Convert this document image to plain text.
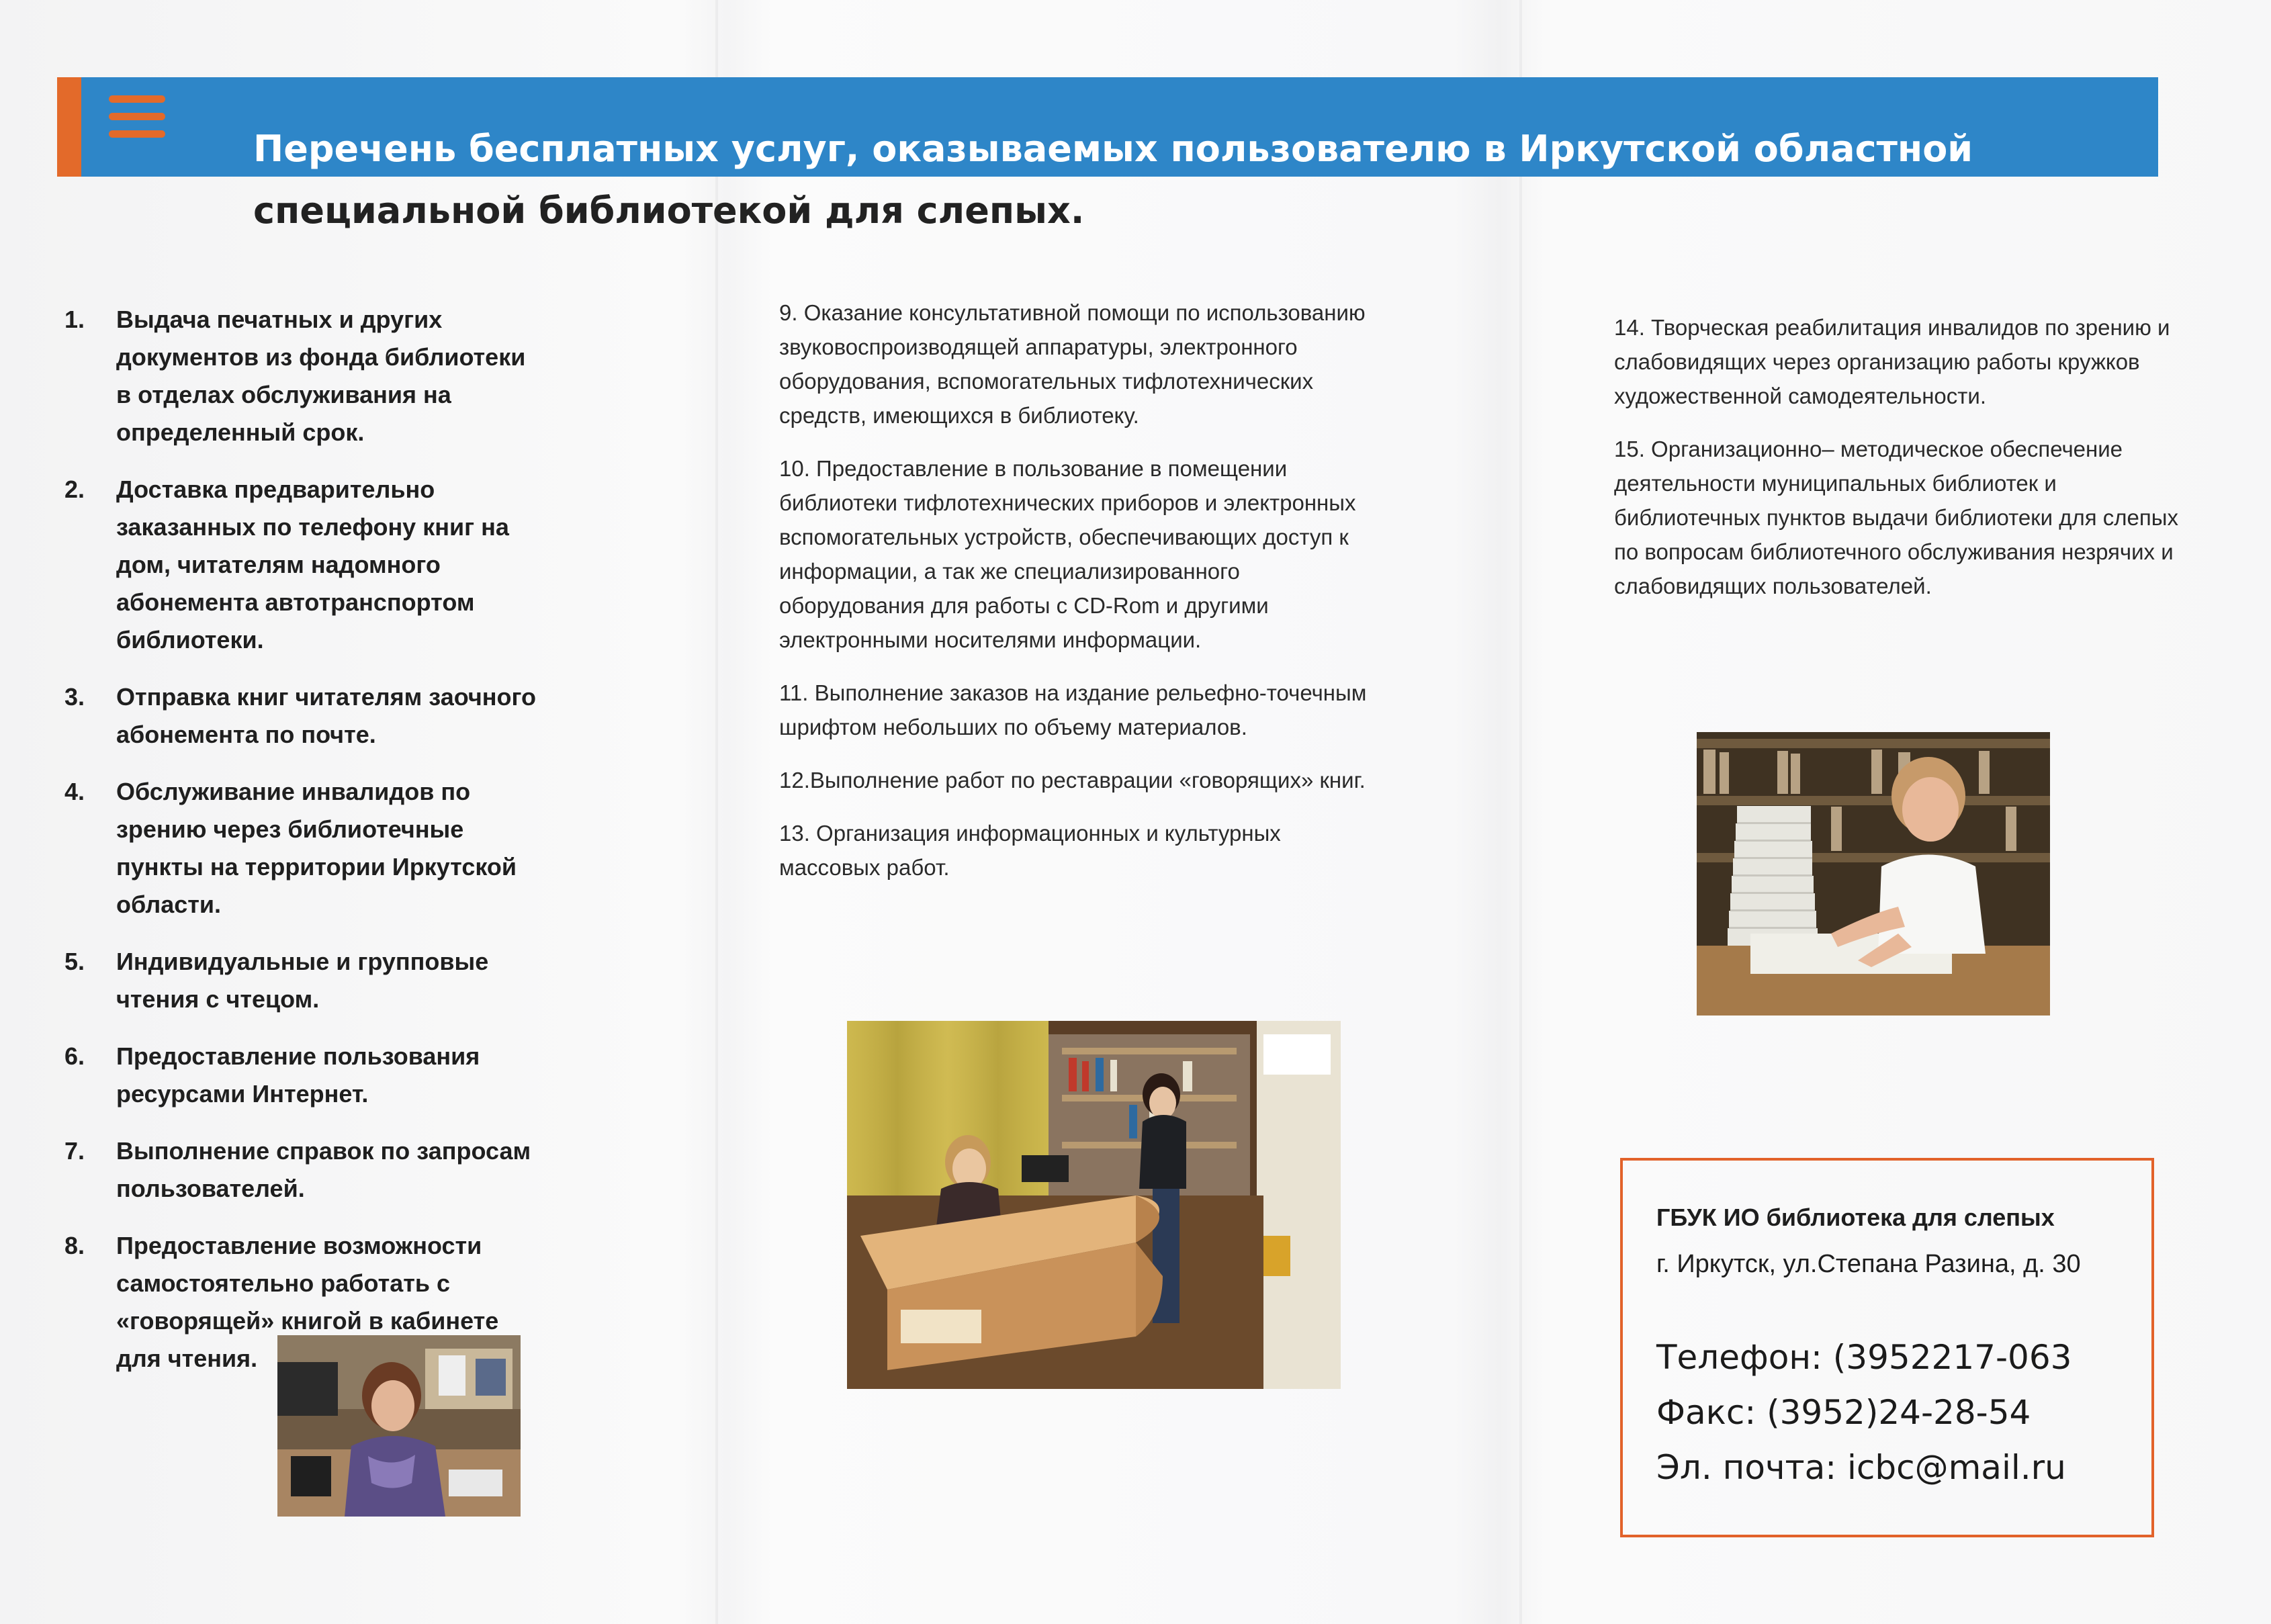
Перечень бесплатных услуг, оказываемых пользователю в Иркутской областной
специальной библиотекой для слепых.
1. Выдача печатных и других документов из фонда библиотеки в отделах обслуживания на определенный срок.
2. Доставка предварительно заказанных по телефону книг на дом, читателям надомного абонемента автотранспортом библиотеки.
3. Отправка книг читателям заочного абонемента по почте.
4. Обслуживание инвалидов по зрению через библиотечные пункты на территории Иркутской области.
5. Индивидуальные и групповые чтения с чтецом.
6. Предоставление пользования ресурсами Интернет.
7. Выполнение справок по запросам пользователей.
8. Предоставление возможности самостоятельно работать с «говорящей» книгой в кабинете для чтения.

9. Оказание консультативной помощи по использованию звуковоспроизводящей аппаратуры, электронного оборудования, вспомогательных тифлотехнических средств, имеющихся в библиотеку.

10. Предоставление в пользование в помещении библиотеки тифлотехнических приборов и электронных вспомогательных устройств, обеспечивающих доступ к информации, а так же специализированного оборудования для работы с CD-Rom и другими электронными носителями информации.

11. Выполнение заказов на издание рельефно-точечным шрифтом небольших по объему материалов.

12.Выполнение работ по реставрации «говорящих» книг.

13. Организация информационных и культурных массовых работ.

14. Творческая реабилитация инвалидов по зрению и слабовидящих через организацию работы кружков художественной самодеятельности.

15. Организационно– методическое обеспечение деятельности муниципальных библиотек и библиотечных пунктов выдачи библиотеки для слепых по вопросам библиотечного обслуживания незрячих и слабовидящих пользователей.

ГБУК ИО библиотека для слепых

г. Иркутск, ул.Степана Разина, д. 30
Телефон: (3952217-063
Факс: (3952)24-28-54
Эл. почта: icbc@mail.ru
